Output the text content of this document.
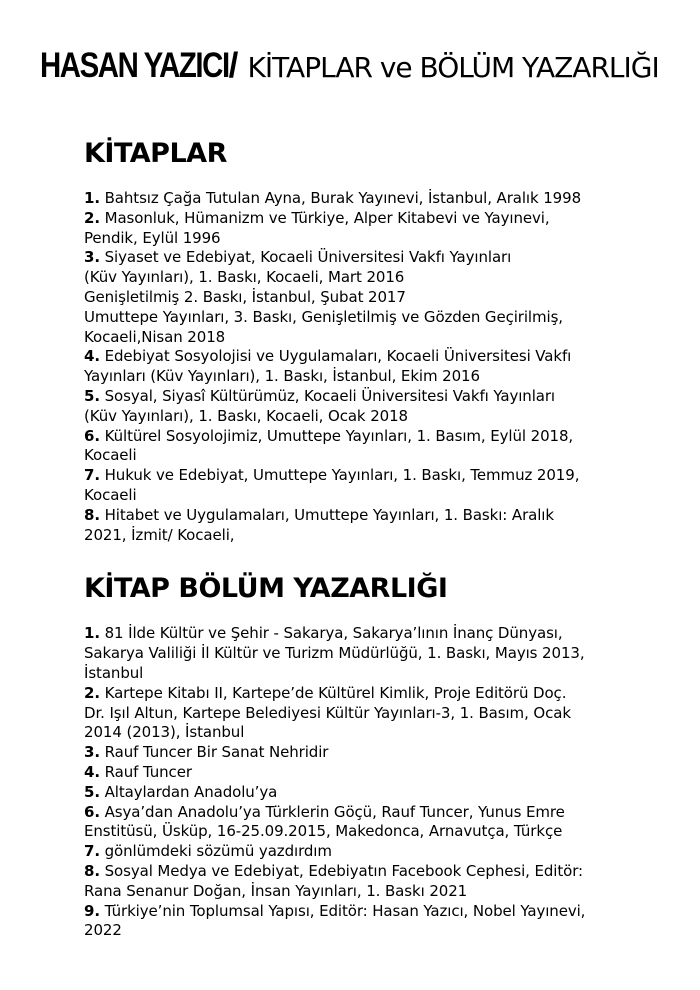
HASAN YAZICI/ KİTAPLAR ve BÖLÜM YAZARLIĞI
KİTAPLAR
1. Bahtsız Çağa Tutulan Ayna, Burak Yayınevi, İstanbul, Aralık 1998
2. Masonluk, Hümanizm ve Türkiye, Alper Kitabevi ve Yayınevi,
Pendik, Eylül 1996
3. Siyaset ve Edebiyat, Kocaeli Üniversitesi Vakfı Yayınları
(Küv Yayınları), 1. Baskı, Kocaeli, Mart 2016
Genişletilmiş 2. Baskı, İstanbul, Şubat 2017
Umuttepe Yayınları, 3. Baskı, Genişletilmiş ve Gözden Geçirilmiş,
Kocaeli,Nisan 2018
4. Edebiyat Sosyolojisi ve Uygulamaları, Kocaeli Üniversitesi Vakfı
Yayınları (Küv Yayınları), 1. Baskı, İstanbul, Ekim 2016
5. Sosyal, Siyasî Kültürümüz, Kocaeli Üniversitesi Vakfı Yayınları
(Küv Yayınları), 1. Baskı, Kocaeli, Ocak 2018
6. Kültürel Sosyolojimiz, Umuttepe Yayınları, 1. Basım, Eylül 2018,
Kocaeli
7. Hukuk ve Edebiyat, Umuttepe Yayınları, 1. Baskı, Temmuz 2019,
Kocaeli
8. Hitabet ve Uygulamaları, Umuttepe Yayınları, 1. Baskı: Aralık
2021, İzmit/ Kocaeli,
KİTAP BÖLÜM YAZARLIĞI
1. 81 İlde Kültür ve Şehir - Sakarya, Sakarya’lının İnanç Dünyası,
Sakarya Valiliği İl Kültür ve Turizm Müdürlüğü, 1. Baskı, Mayıs 2013,
İstanbul
2. Kartepe Kitabı II, Kartepe’de Kültürel Kimlik, Proje Editörü Doç.
Dr. Işıl Altun, Kartepe Belediyesi Kültür Yayınları-3, 1. Basım, Ocak
2014 (2013), İstanbul
3. Rauf Tuncer Bir Sanat Nehridir
4. Rauf Tuncer
5. Altaylardan Anadolu’ya
6. Asya’dan Anadolu’ya Türklerin Göçü, Rauf Tuncer, Yunus Emre
Enstitüsü, Üsküp, 16-25.09.2015, Makedonca, Arnavutça, Türkçe
7. gönlümdeki sözümü yazdırdım
8. Sosyal Medya ve Edebiyat, Edebiyatın Facebook Cephesi, Editör:
Rana Senanur Doğan, İnsan Yayınları, 1. Baskı 2021
9. Türkiye’nin Toplumsal Yapısı, Editör: Hasan Yazıcı, Nobel Yayınevi,
2022
